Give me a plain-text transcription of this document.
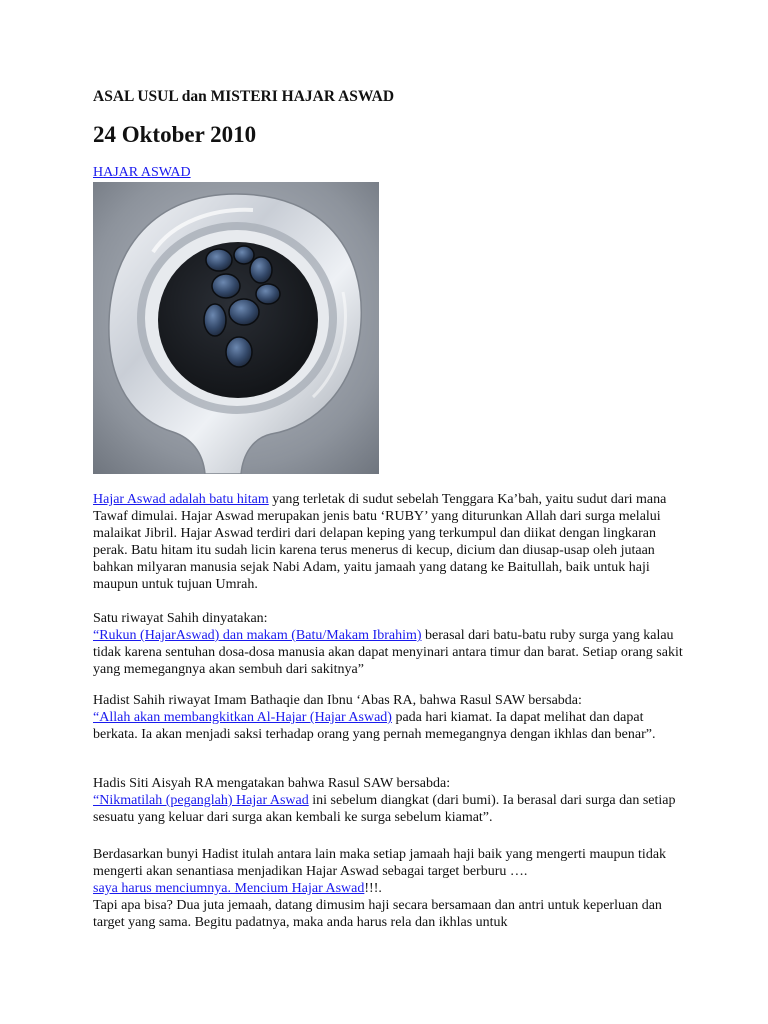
ASAL USUL dan MISTERI HAJAR ASWAD
24 Oktober 2010
HAJAR ASWAD

Hajar Aswad adalah batu hitam yang terletak di sudut sebelah Tenggara Ka’bah, yaitu sudut dari mana Tawaf dimulai. Hajar Aswad merupakan jenis batu ‘RUBY’ yang diturunkan Allah dari surga melalui malaikat Jibril. Hajar Aswad terdiri dari delapan keping yang terkumpul dan diikat dengan lingkaran perak. Batu hitam itu sudah licin karena terus menerus di kecup, dicium dan diusap-usap oleh jutaan bahkan milyaran manusia sejak Nabi Adam, yaitu jamaah yang datang ke Baitullah, baik untuk haji maupun untuk tujuan Umrah.

Satu riwayat Sahih dinyatakan:
“Rukun (HajarAswad) dan makam (Batu/Makam Ibrahim) berasal dari batu-batu ruby surga yang kalau tidak karena sentuhan dosa-dosa manusia akan dapat menyinari antara timur dan barat. Setiap orang sakit yang memegangnya akan sembuh dari sakitnya”

Hadist Sahih riwayat Imam Bathaqie dan Ibnu ‘Abas RA, bahwa Rasul SAW bersabda:
“Allah akan membangkitkan Al-Hajar (Hajar Aswad) pada hari kiamat. Ia dapat melihat dan dapat berkata. Ia akan menjadi saksi terhadap orang yang pernah memegangnya dengan ikhlas dan benar”.

Hadis Siti Aisyah RA mengatakan bahwa Rasul SAW bersabda:
“Nikmatilah (peganglah) Hajar Aswad ini sebelum diangkat (dari bumi). Ia berasal dari surga dan setiap sesuatu yang keluar dari surga akan kembali ke surga sebelum kiamat”.

Berdasarkan bunyi Hadist itulah antara lain maka setiap jamaah haji baik yang mengerti maupun tidak mengerti akan senantiasa menjadikan Hajar Aswad sebagai target berburu ….
saya harus menciumnya. Mencium Hajar Aswad!!!.
Tapi apa bisa? Dua juta jemaah, datang dimusim haji secara bersamaan dan antri untuk keperluan dan target yang sama. Begitu padatnya, maka anda harus rela dan ikhlas untuk
